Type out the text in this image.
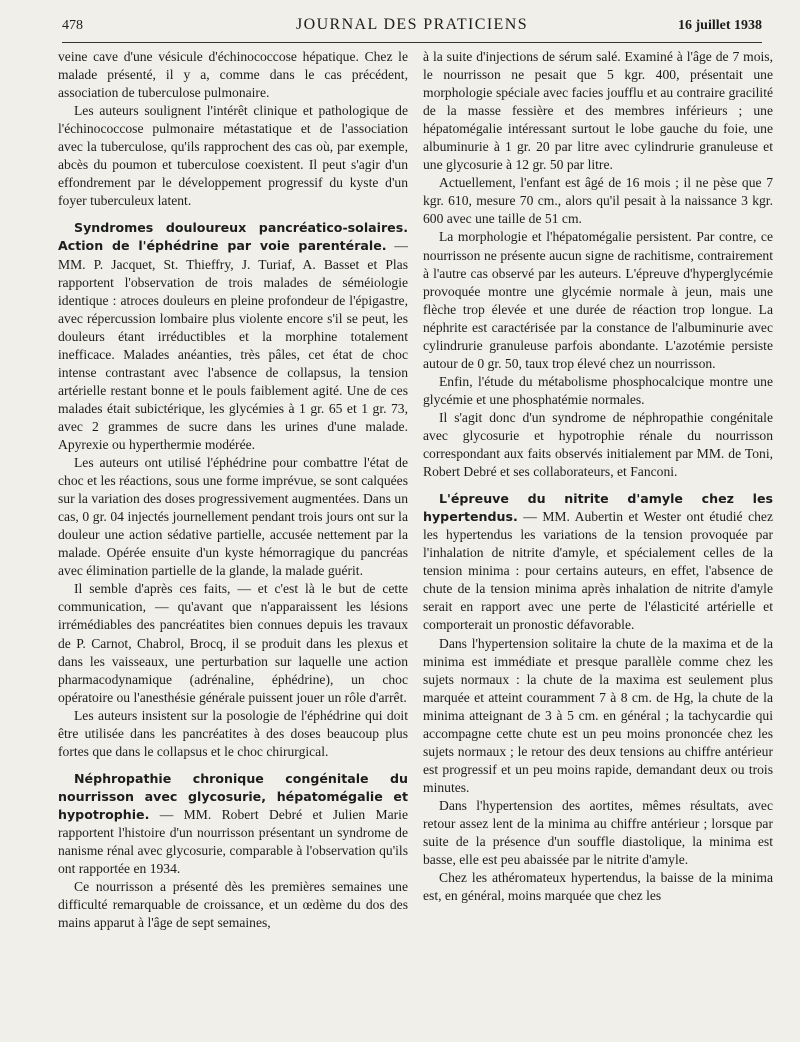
478	JOURNAL DES PRATICIENS	16 juillet 1938

veine cave d'une vésicule d'échinococcose hépatique. Chez le malade présenté, il y a, comme dans le cas précédent, association de tuberculose pulmonaire.

Les auteurs soulignent l'intérêt clinique et pathologique de l'échinococcose pulmonaire métastatique et de l'association avec la tuberculose, qu'ils rapprochent des cas où, par exemple, abcès du poumon et tuberculose coexistent. Il peut s'agir d'un effondrement par le développement progressif du kyste d'un foyer tuberculeux latent.

Syndromes douloureux pancréatico-solaires. Action de l'éphédrine par voie parentérale. — MM. P. Jacquet, St. Thieffry, J. Turiaf, A. Basset et Plas rapportent l'observation de trois malades de séméiologie identique : atroces douleurs en pleine profondeur de l'épigastre, avec répercussion lombaire plus violente encore s'il se peut, les douleurs étant irréductibles et la morphine totalement inefficace. Malades anéanties, très pâles, cet état de choc intense contrastant avec l'absence de collapsus, la tension artérielle restant bonne et le pouls faiblement agité. Une de ces malades était subictérique, les glycémies à 1 gr. 65 et 1 gr. 73, avec 2 grammes de sucre dans les urines d'une malade. Apyrexie ou hyperthermie modérée.

Les auteurs ont utilisé l'éphédrine pour combattre l'état de choc et les réactions, sous une forme imprévue, se sont calquées sur la variation des doses progressivement augmentées. Dans un cas, 0 gr. 04 injectés journellement pendant trois jours ont sur la douleur une action sédative partielle, accusée nettement par la malade. Opérée ensuite d'un kyste hémorragique du pancréas avec élimination partielle de la glande, la malade guérit.

Il semble d'après ces faits, — et c'est là le but de cette communication, — qu'avant que n'apparaissent les lésions irrémédiables des pancréatites bien connues depuis les travaux de P. Carnot, Chabrol, Brocq, il se produit dans les plexus et dans les vaisseaux, une perturbation sur laquelle une action pharmacodynamique (adrénaline, éphédrine), un choc opératoire ou l'anesthésie générale puissent jouer un rôle d'arrêt.

Les auteurs insistent sur la posologie de l'éphédrine qui doit être utilisée dans les pancréatites à des doses beaucoup plus fortes que dans le collapsus et le choc chirurgical.

Néphropathie chronique congénitale du nourrisson avec glycosurie, hépatomégalie et hypotrophie. — MM. Robert Debré et Julien Marie rapportent l'histoire d'un nourrisson présentant un syndrome de nanisme rénal avec glycosurie, comparable à l'observation qu'ils ont rapportée en 1934.

Ce nourrisson a présenté dès les premières semaines une difficulté remarquable de croissance, et un œdème du dos des mains apparut à l'âge de sept semaines,

à la suite d'injections de sérum salé. Examiné à l'âge de 7 mois, le nourrisson ne pesait que 5 kgr. 400, présentait une morphologie spéciale avec facies joufflu et au contraire gracilité de la masse fessière et des membres inférieurs ; une hépatomégalie intéressant surtout le lobe gauche du foie, une albuminurie à 1 gr. 20 par litre avec cylindrurie granuleuse et une glycosurie à 12 gr. 50 par litre.

Actuellement, l'enfant est âgé de 16 mois ; il ne pèse que 7 kgr. 610, mesure 70 cm., alors qu'il pesait à la naissance 3 kgr. 600 avec une taille de 51 cm.

La morphologie et l'hépatomégalie persistent. Par contre, ce nourrisson ne présente aucun signe de rachitisme, contrairement à l'autre cas observé par les auteurs. L'épreuve d'hyperglycémie provoquée montre une glycémie normale à jeun, mais une flèche trop élevée et une durée de réaction trop longue. La néphrite est caractérisée par la constance de l'albuminurie avec cylindrurie granuleuse parfois abondante. L'azotémie persiste autour de 0 gr. 50, taux trop élevé chez un nourrisson.

Enfin, l'étude du métabolisme phosphocalcique montre une glycémie et une phosphatémie normales.

Il s'agit donc d'un syndrome de néphropathie congénitale avec glycosurie et hypotrophie rénale du nourrisson correspondant aux faits observés initialement par MM. de Toni, Robert Debré et ses collaborateurs, et Fanconi.

L'épreuve du nitrite d'amyle chez les hypertendus. — MM. Aubertin et Wester ont étudié chez les hypertendus les variations de la tension provoquée par l'inhalation de nitrite d'amyle, et spécialement celles de la tension minima : pour certains auteurs, en effet, l'absence de chute de la tension minima après inhalation de nitrite d'amyle serait en rapport avec une perte de l'élasticité artérielle et comporterait un pronostic défavorable.

Dans l'hypertension solitaire la chute de la maxima et de la minima est immédiate et presque parallèle comme chez les sujets normaux : la chute de la maxima est seulement plus marquée et atteint couramment 7 à 8 cm. de Hg, la chute de la minima atteignant de 3 à 5 cm. en général ; la tachycardie qui accompagne cette chute est un peu moins prononcée chez les sujets normaux ; le retour des deux tensions au chiffre antérieur est progressif et un peu moins rapide, demandant deux ou trois minutes.

Dans l'hypertension des aortites, mêmes résultats, avec retour assez lent de la minima au chiffre antérieur ; lorsque par suite de la présence d'un souffle diastolique, la minima est basse, elle est peu abaissée par le nitrite d'amyle.

Chez les athéromateux hypertendus, la baisse de la minima est, en général, moins marquée que chez les
